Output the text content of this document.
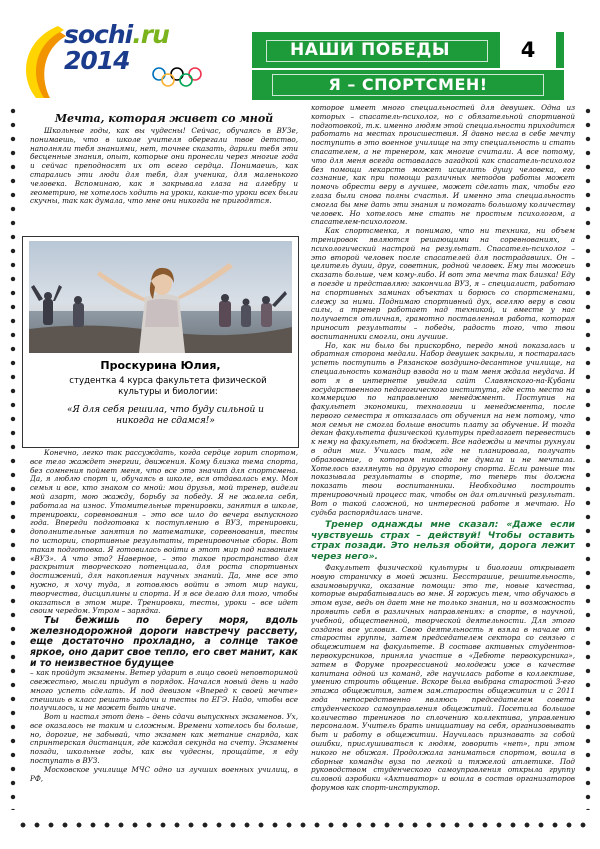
sochi.ru
2014	НАШИ ПОБЕДЫ	4
Я – СПОРТСМЕН!

Мечта, которая живет со мной

Школьные годы, как вы чудесны! Сейчас, обучаясь в ВУЗе, понимаешь, что в школе учителя оберегали твое детство, наполняли тебя знаниями, нет, точнее сказать, дарили тебя эти бесценные знания, опыт, которые они пронесли через многие года и сейчас преподносят их от всего сердца. Понимаешь, как старались эти люди для тебя, для ученика, для маленького человека. Вспоминаю, как я закрывала глаза на алгебру и геометрию, не хотелось ходить на уроки, какие-то уроки всех были скучны, так как думала, что мне они никогда не пригодятся.

Проскурина Юлия,
студентка 4 курса факультета физической культуры и биологии:
«Я для себя решила, что буду сильной и никогда не сдамся!»

Конечно, легко так рассуждать, когда сердце горит спортом, все тело жаждет энергии, движения. Кому близка тема спорта, без сомнения поймет меня, что все это значит для спортсмена. Да, я люблю спорт и, обучаясь в школе, вся отдавалась ему. Моя семья и все, кто знаком со мной: мои друзья, мой тренер, видели мой азарт, мою жажду, борьбу за победу. Я не жалела себя, работала на износ. Утомительные тренировки, занятия в школе, тренировки, соревнования – это все шло до вечера выпускного года. Впереди подготовка к поступлению в ВУЗ, тренировки, дополнительные занятия по математике, соревнования, тесты по истории, спортивные результаты, тренировочные сборы. Вот такая подготовка. Я готовилась войти в этот мир под названием «ВУЗ». А что это? Наверное, – это такое пространство для раскрытия творческого потенциала, для роста спортивных достижений, для накопления научных знаний. Да, мне все это нужно, я хочу туда, я готовлюсь войти в этот мир науки, творчества, дисциплины и спорта. И я все делаю для того, чтобы оказаться в этом мире. Тренировки, тесты, уроки – все идет своим чередом. Утром – зарядка.

Ты бежишь по берегу моря, вдоль железнодорожной дороги навстречу рассвету, еще достаточно прохладно, а солнце такое яркое, оно дарит свое тепло, его свет манит, как и то неизвестное будущее

– как пройдут экзамены. Ветер ударит в лицо своей неповторимой свежестью, мысли придут в порядок. Начался новый день и надо много успеть сделать. И под девизом «Вперед к своей мечте» спешишь в класс решать задачи и тесты по ЕГЭ. Надо, чтобы все получилось, и не может быть иначе.

Вот и настал этот день – день сдачи выпускных экзаменов. Ух, все оказалось не таким и сложным. Времени хотелось бы больше, но, дорогие, не забывай, что экзамен как метание снаряда, как спринтерская дистанция, где каждая секунда на счету. Экзамены позади, школьные годы, как вы чудесны, прощайте, я еду поступать в ВУЗ.

Московское училище МЧС одно из лучших военных училищ, в РФ,

которое имеет много специальностей для девушек. Одна из которых – спасатель-психолог, но с обязательной спортивной подготовкой, т.к. именно людям этой специальности приходится работать на местах происшествия. Я давно несла в себе мечту поступить в это военное училище на эту специальность и стать спасателем, а не тренером, как многие считали. А все потому, что для меня всегда оставалась загадкой как спасатель-психолог без помощи лекарств может исцелить душу человека, его сознание, как при помощи различных методов работы может помочь обрести веру в лучшее, может сделать так, чтобы его глаза были снова полны счастья. И именно эта специальность смогла бы мне дать эти знания и помогать большому количеству человек. Но хотелось мне стать не простым психологом, а спасателем-психологом.

Как спортсменка, я понимаю, что ни техника, ни объем тренировок являются решающими на соревнованиях, а психологический настрой на результат. Спасатель-психолог – это второй человек после спасателей для пострадавших. Он – целитель души, друг, советник, родной человек. Ему ты можешь сказать больше, чем кому-либо. И вот эта мечта так близка! Еду в поезде и представляю: закончила ВУЗ, я – специалист, работаю на спортивных заминах объектах и борюсь со спортсменами, слежу за ними. Поднимаю спортивный дух, вселяю веру в свои силы, а тренер работает над техникой, и вместе у нас получается отличная, грамотно поставленная работа, которая приносит результаты – победы, радость того, что твои воспитанники смогли, они лучшие.

Но, как ни было бы прискорбно, передо мной показалась и обратная сторона медали. Набор девушек закрыли, я постаралась успеть поступить в Рязанское воздушно-десантное училище, на специальность командир взвода но и там меня ждала неудача. И вот я в интернете увидела сайт Славянского-на-Кубани государственного педагогического института, где есть место на коммерцию по направлению менеджмент. Поступив на факультет экономики, технологии и менеджмента, после первого семестра я отказалась от обучения на нем потому, что моя семья не смогла больше вносить плату за обучение. И тогда декан факультета физической культуры предлагает перевестись к нему на факультет, на бюджет. Все надежды и мечты рухнули в один миг. Училась там, где не планировала, получать образование, о котором никогда не думала и не мечтала. Хотелось взглянуть на другую сторону спорта. Если раньше ты показывала результаты в спорте, то теперь ты должна показать твои воспитанники. Необходимо построить тренировочный процесс так, чтобы он дал отличный результат. Вот о такой сложной, но интересной работе я мечтаю. Но судьба распорядилась иначе.

Тренер однажды мне сказал: «Даже если чувствуешь страх – действуй! Чтобы оставить страх позади. Это нельзя обойти, дорога лежит через него».

Факультет физической культуры и биологии открывает новую страничку в моей жизни. Бесстрашие, решительность, взаимовыручка, оказание помощи: это те, новые качества, которые вырабатывались во мне. Я горжусь тем, что обучаюсь в этом вузе, ведь он дает мне не только знания, но и возможность проявить себя в различных направлениях: в спорте, в научной, учебной, общественной, творческой деятельности. Для этого созданы все условия. Свою деятельность я взяла в начале от старосты группы, затем председателем сектора со связью с общежитием на факультете. В составе активных студентов-первокурсников, приняла участие в «Дебюте первокурсника», затем в Форуме прогрессивной молодежи уже в качестве капитана одной из команд, где научилась работе в коллективе, умению строить общение. Вскоре была выбрана старостой 3-его этажа общежития, затем зам.старосты общежития и с 2011 года непосредственно являюсь председателем совета студенческого самоуправления общежитий. Посетила большое количество тренингов по сплочению коллектива, управлению персоналом. Учитель брать инициативу на себя, организовывать быт и работу в общежитии. Научилась признавать за собой ошибки, прислушиваться к людям, говорить «нет», при этом никого не обижая. Продолжала заниматься спортом, вошла в сборные команды вуза по легкой и тяжелой атлетике. Под руководством студенческого самоуправления открыла группу силовой аэробики «Активатор» и вошла в состав организаторов форумов как спорт-инструктор.
